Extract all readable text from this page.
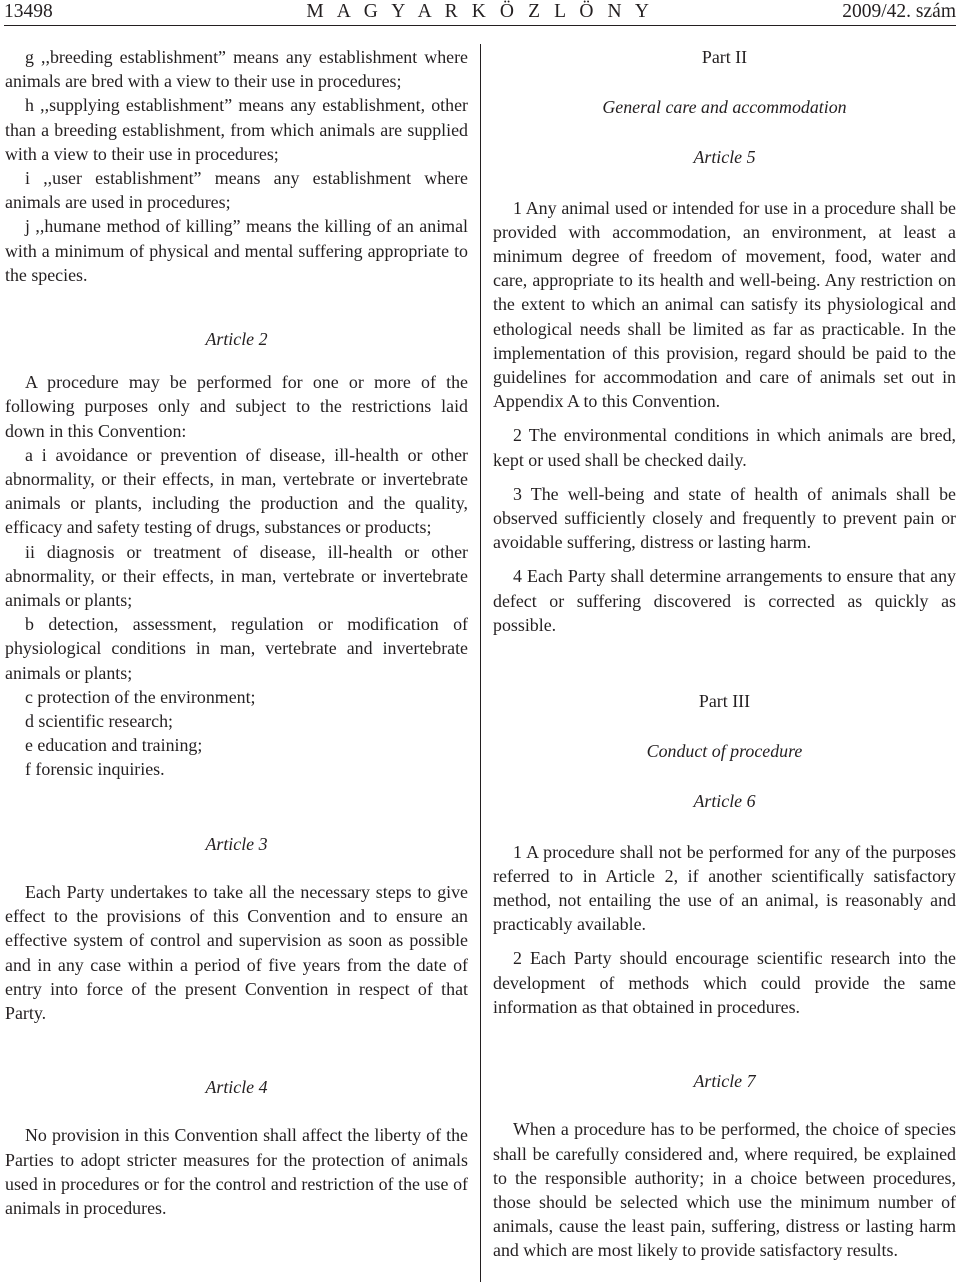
13498	M A G Y A R K Ö Z L Ö N Y	2009/42. szám

g ,,breeding establishment” means any establishment where animals are bred with a view to their use in procedures;

h ,,supplying establishment” means any establishment, other than a breeding establishment, from which animals are supplied with a view to their use in procedures;

i ,,user establishment” means any establishment where animals are used in procedures;

j ,,humane method of killing” means the killing of an animal with a minimum of physical and mental suffering appropriate to the species.

Article 2

A procedure may be performed for one or more of the following purposes only and subject to the restrictions laid down in this Convention:

a i avoidance or prevention of disease, ill-health or other abnormality, or their effects, in man, vertebrate or invertebrate animals or plants, including the production and the quality, efficacy and safety testing of drugs, substances or products;

ii diagnosis or treatment of disease, ill-health or other abnormality, or their effects, in man, vertebrate or invertebrate animals or plants;

b detection, assessment, regulation or modification of physiological conditions in man, vertebrate and invertebrate animals or plants;

c protection of the environment;

d scientific research;

e education and training;

f forensic inquiries.

Article 3

Each Party undertakes to take all the necessary steps to give effect to the provisions of this Convention and to ensure an effective system of control and supervision as soon as possible and in any case within a period of five years from the date of entry into force of the present Convention in respect of that Party.

Article 4

No provision in this Convention shall affect the liberty of the Parties to adopt stricter measures for the protection of animals used in procedures or for the control and restriction of the use of animals in procedures.

Part II

General care and accommodation

Article 5

1 Any animal used or intended for use in a procedure shall be provided with accommodation, an environment, at least a minimum degree of freedom of movement, food, water and care, appropriate to its health and well-being. Any restriction on the extent to which an animal can satisfy its physiological and ethological needs shall be limited as far as practicable. In the implementation of this provision, regard should be paid to the guidelines for accommodation and care of animals set out in Appendix A to this Convention.

2 The environmental conditions in which animals are bred, kept or used shall be checked daily.

3 The well-being and state of health of animals shall be observed sufficiently closely and frequently to prevent pain or avoidable suffering, distress or lasting harm.

4 Each Party shall determine arrangements to ensure that any defect or suffering discovered is corrected as quickly as possible.

Part III

Conduct of procedure

Article 6

1 A procedure shall not be performed for any of the purposes referred to in Article 2, if another scientifically satisfactory method, not entailing the use of an animal, is reasonably and practicably available.

2 Each Party should encourage scientific research into the development of methods which could provide the same information as that obtained in procedures.

Article 7

When a procedure has to be performed, the choice of species shall be carefully considered and, where required, be explained to the responsible authority; in a choice between procedures, those should be selected which use the minimum number of animals, cause the least pain, suffering, distress or lasting harm and which are most likely to provide satisfactory results.
